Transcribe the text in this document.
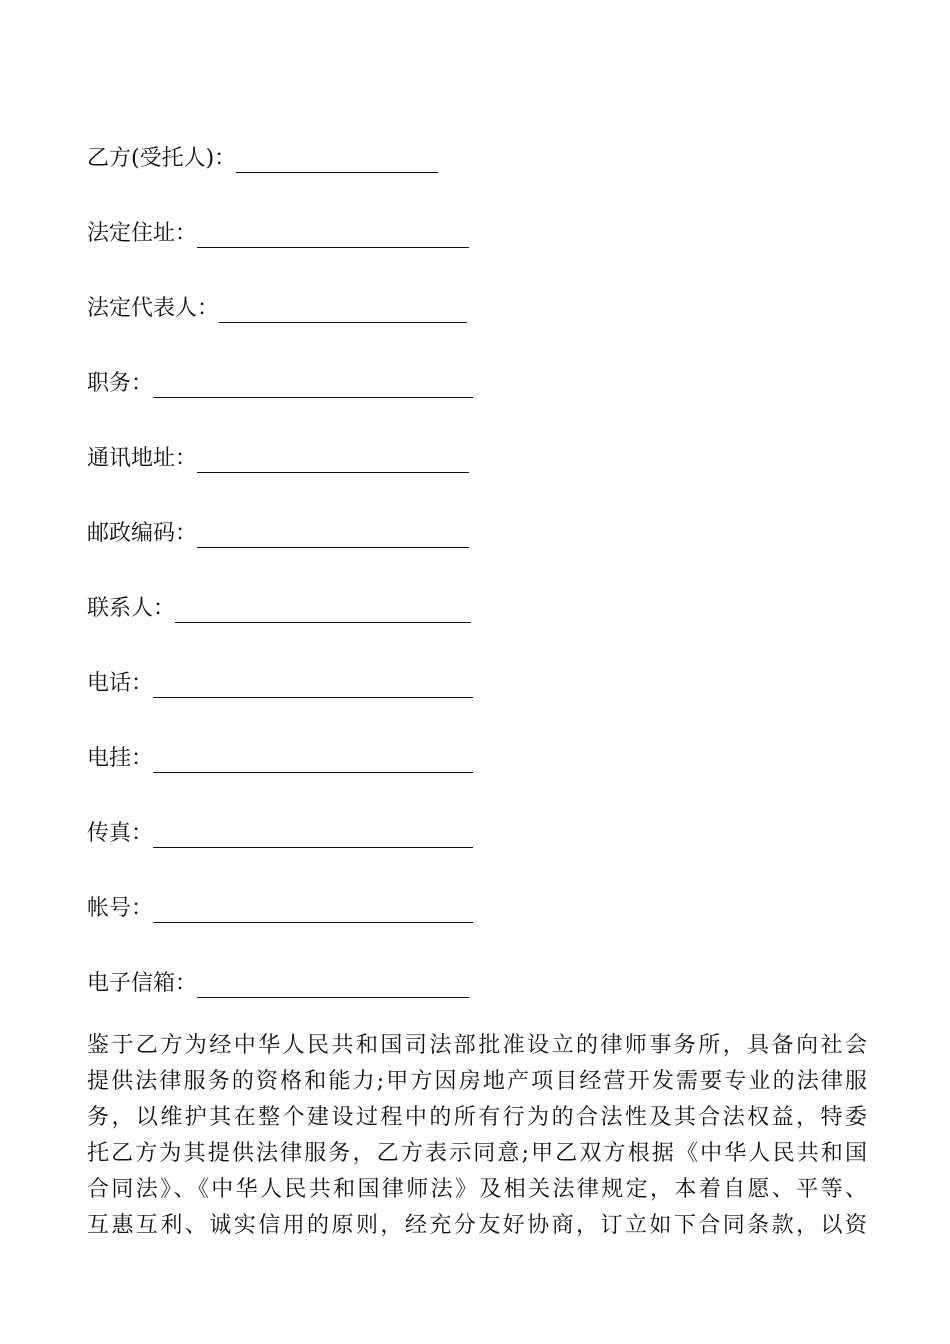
乙方(受托人)：
法定住址：
法定代表人：
职务：
通讯地址：
邮政编码：
联系人：
电话：
电挂：
传真：
帐号：
电子信箱：

鉴于乙方为经中华人民共和国司法部批准设立的律师事务所，具备向社会
提供法律服务的资格和能力;甲方因房地产项目经营开发需要专业的法律服
务，以维护其在整个建设过程中的所有行为的合法性及其合法权益，特委
托乙方为其提供法律服务，乙方表示同意;甲乙双方根据《中华人民共和国
合同法》、《中华人民共和国律师法》及相关法律规定，本着自愿、平等、
互惠互利、诚实信用的原则，经充分友好协商，订立如下合同条款，以资
